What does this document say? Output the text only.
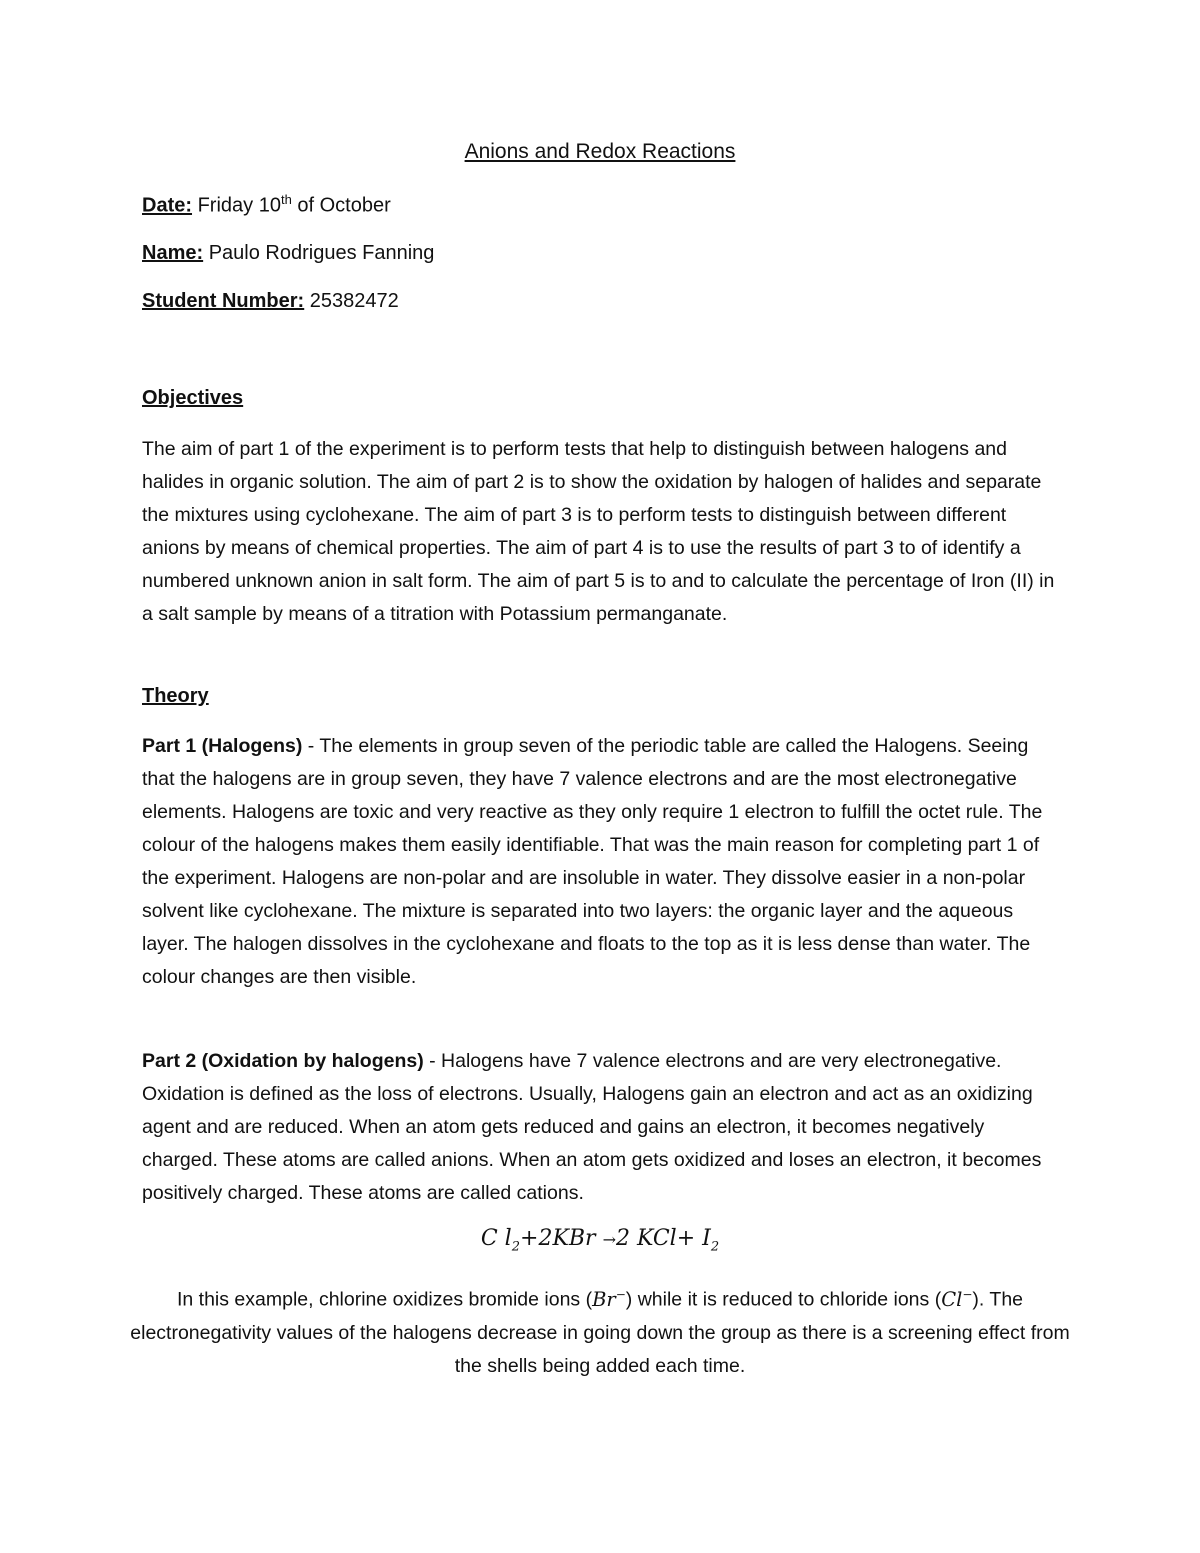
Anions and Redox Reactions
Date: Friday 10th of October
Name: Paulo Rodrigues Fanning
Student Number: 25382472
Objectives
The aim of part 1 of the experiment is to perform tests that help to distinguish between halogens and halides in organic solution. The aim of part 2 is to show the oxidation by halogen of halides and separate the mixtures using cyclohexane. The aim of part 3 is to perform tests to distinguish between different anions by means of chemical properties. The aim of part 4 is to use the results of part 3 to of identify a numbered unknown anion in salt form. The aim of part 5 is to and to calculate the percentage of Iron (II) in a salt sample by means of a titration with Potassium permanganate.
Theory
Part 1 (Halogens) - The elements in group seven of the periodic table are called the Halogens. Seeing that the halogens are in group seven, they have 7 valence electrons and are the most electronegative elements. Halogens are toxic and very reactive as they only require 1 electron to fulfill the octet rule. The colour of the halogens makes them easily identifiable. That was the main reason for completing part 1 of the experiment. Halogens are non-polar and are insoluble in water. They dissolve easier in a non-polar solvent like cyclohexane. The mixture is separated into two layers: the organic layer and the aqueous layer. The halogen dissolves in the cyclohexane and floats to the top as it is less dense than water. The colour changes are then visible.
Part 2 (Oxidation by halogens) - Halogens have 7 valence electrons and are very electronegative. Oxidation is defined as the loss of electrons. Usually, Halogens gain an electron and act as an oxidizing agent and are reduced. When an atom gets reduced and gains an electron, it becomes negatively charged. These atoms are called anions. When an atom gets oxidized and loses an electron, it becomes positively charged. These atoms are called cations.
C $l_2+2KBr \to 2$ $KCl+ I_2$
In this example, chlorine oxidizes bromide ions (Br−) while it is reduced to chloride ions (Cl−). The electronegativity values of the halogens decrease in going down the group as there is a screening effect from the shells being added each time.
